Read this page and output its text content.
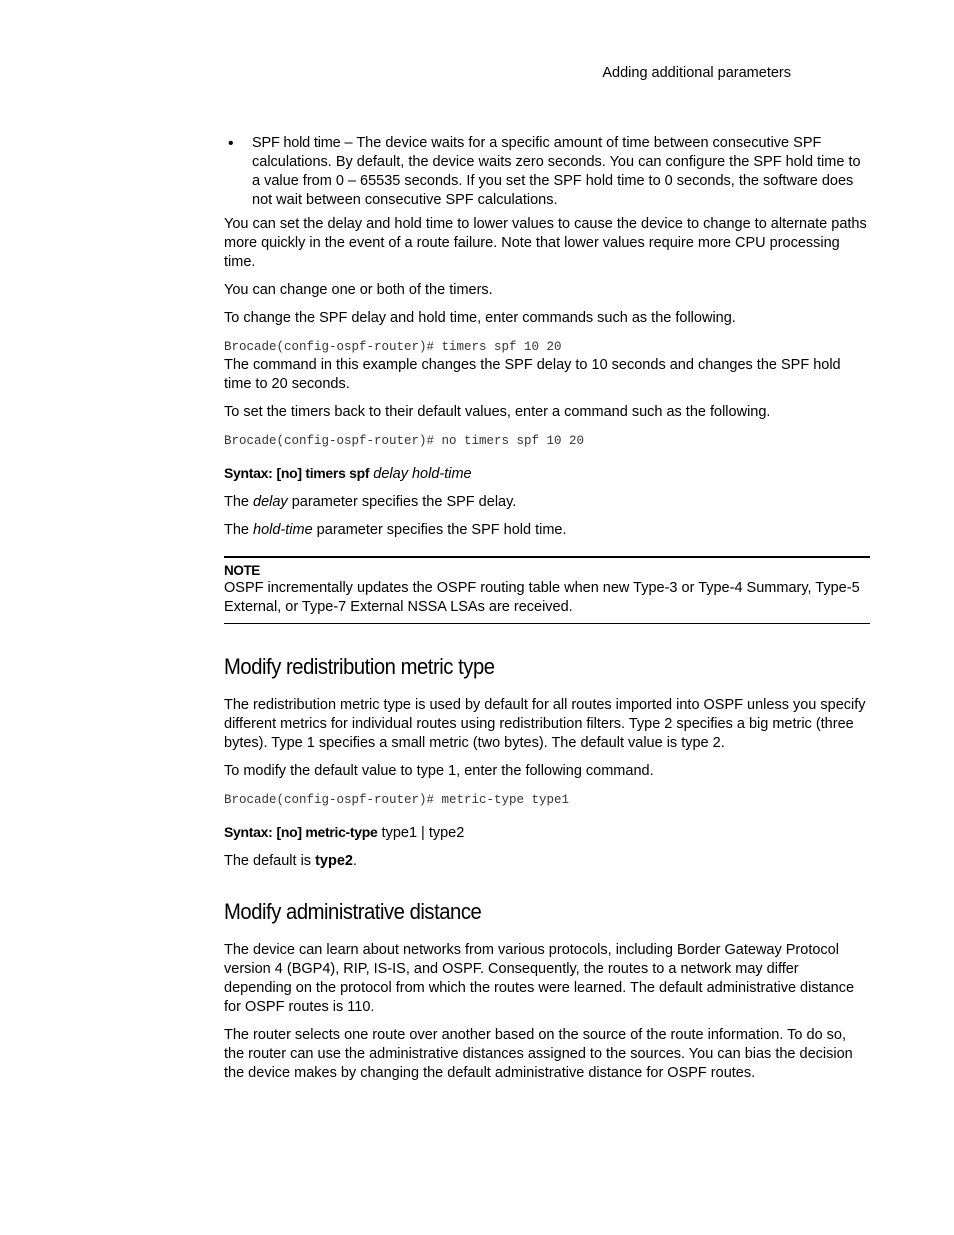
Adding additional parameters
• SPF hold time – The device waits for a specific amount of time between consecutive SPF calculations. By default, the device waits zero seconds. You can configure the SPF hold time to a value from 0 – 65535 seconds. If you set the SPF hold time to 0 seconds, the software does not wait between consecutive SPF calculations.

You can set the delay and hold time to lower values to cause the device to change to alternate paths more quickly in the event of a route failure. Note that lower values require more CPU processing time.

You can change one or both of the timers.

To change the SPF delay and hold time, enter commands such as the following.

Brocade(config-ospf-router)# timers spf 10 20

The command in this example changes the SPF delay to 10 seconds and changes the SPF hold time to 20 seconds.

To set the timers back to their default values, enter a command such as the following.

Brocade(config-ospf-router)# no timers spf 10 20

Syntax: [no] timers spf delay hold-time

The delay parameter specifies the SPF delay.

The hold-time parameter specifies the SPF hold time.

NOTE
OSPF incrementally updates the OSPF routing table when new Type-3 or Type-4 Summary, Type-5 External, or Type-7 External NSSA LSAs are received.
Modify redistribution metric type

The redistribution metric type is used by default for all routes imported into OSPF unless you specify different metrics for individual routes using redistribution filters. Type 2 specifies a big metric (three bytes). Type 1 specifies a small metric (two bytes). The default value is type 2.

To modify the default value to type 1, enter the following command.

Brocade(config-ospf-router)# metric-type type1

Syntax: [no] metric-type type1 | type2

The default is type2.

Modify administrative distance

The device can learn about networks from various protocols, including Border Gateway Protocol version 4 (BGP4), RIP, IS-IS, and OSPF. Consequently, the routes to a network may differ depending on the protocol from which the routes were learned. The default administrative distance for OSPF routes is 110.

The router selects one route over another based on the source of the route information. To do so, the router can use the administrative distances assigned to the sources. You can bias the decision the device makes by changing the default administrative distance for OSPF routes.
